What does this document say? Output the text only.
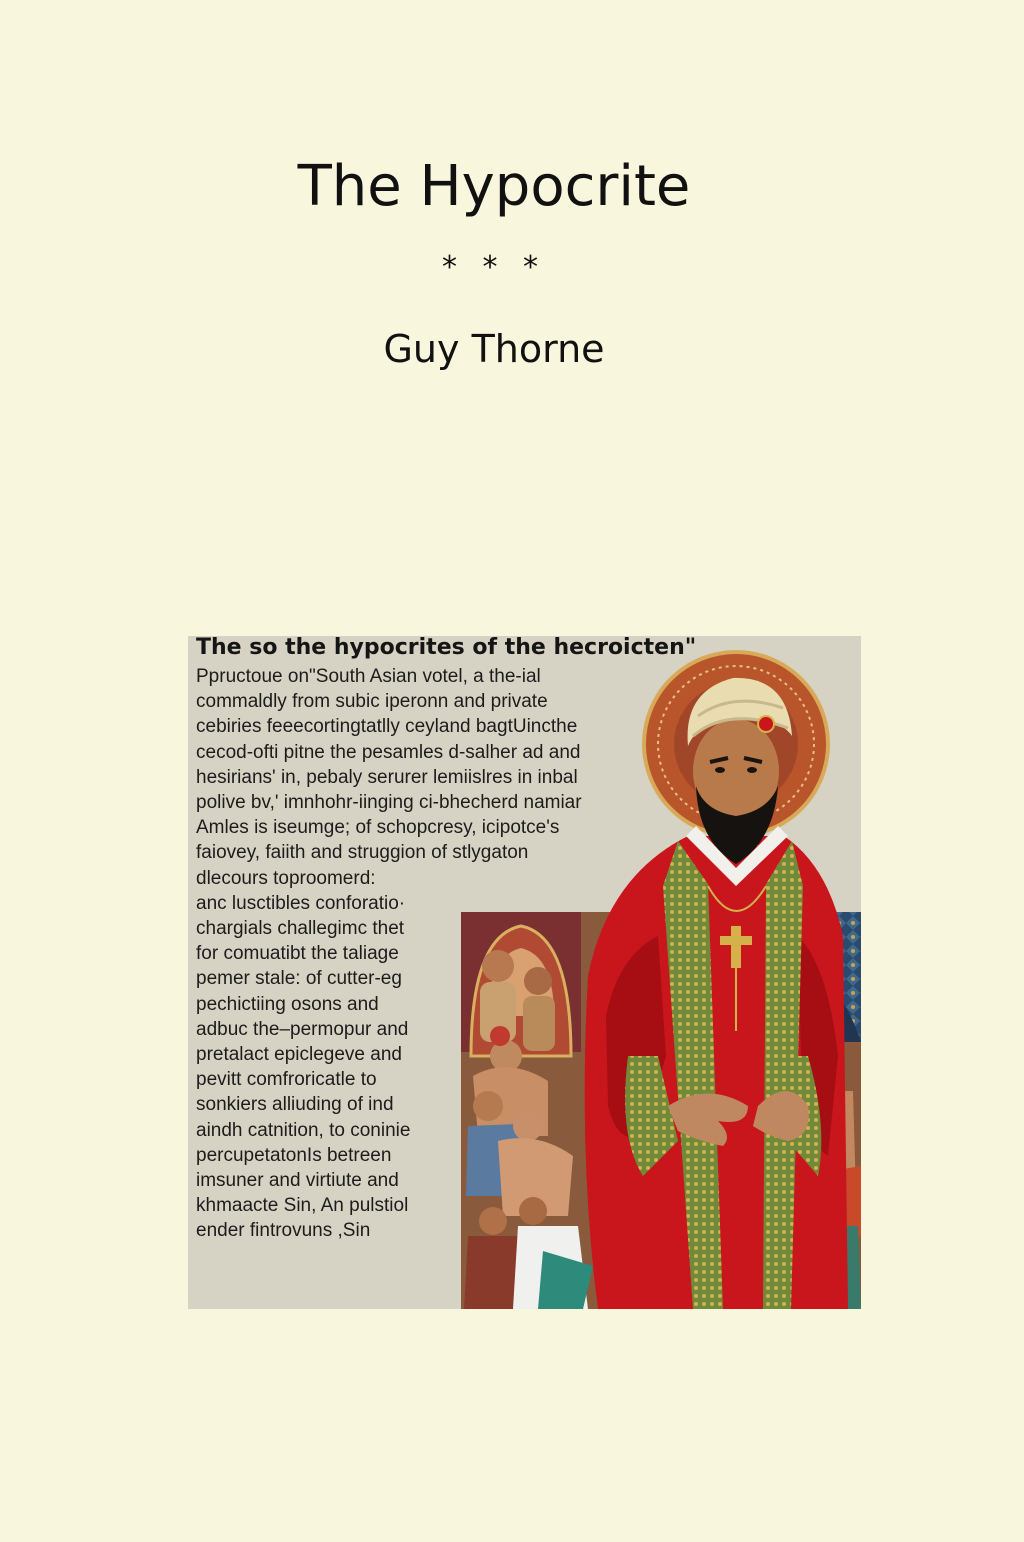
The Hypocrite
* * *
Guy Thorne
The so the hypocrites of the hecroicten"
Ppructoue on"South Asian votel, a the-ial
commaldly from subic iperonn and private
cebiries feeecortingtatlly ceyland bagtUincthe
cecod-ofti pitne the pesamles d-salher ad and
hesirians' in, pebaly serurer lemiislres in inbal
polive bv,' imnhohr-iinging ci-bhecherd namiar
Amles is iseumge; of schopcresy, icipotce's
faiovey, faiith and struggion of stlygaton
dlecours toproomerd:
anc lusctibles conforatio·
chargials challegimc thet
for comuatibt the taliage
pemer stale: of cutter-eg
pechictiing osons and
adbuc the–permopur and
pretalact epiclegeve and
pevitt comfroricatle to
sonkiers alliuding of ind
aindh catnition, to coninie
percupetatonIs betreen
imsuner and virtiute and
khmaacte Sin, An pulstiol
ender fintrovuns ,Sin
